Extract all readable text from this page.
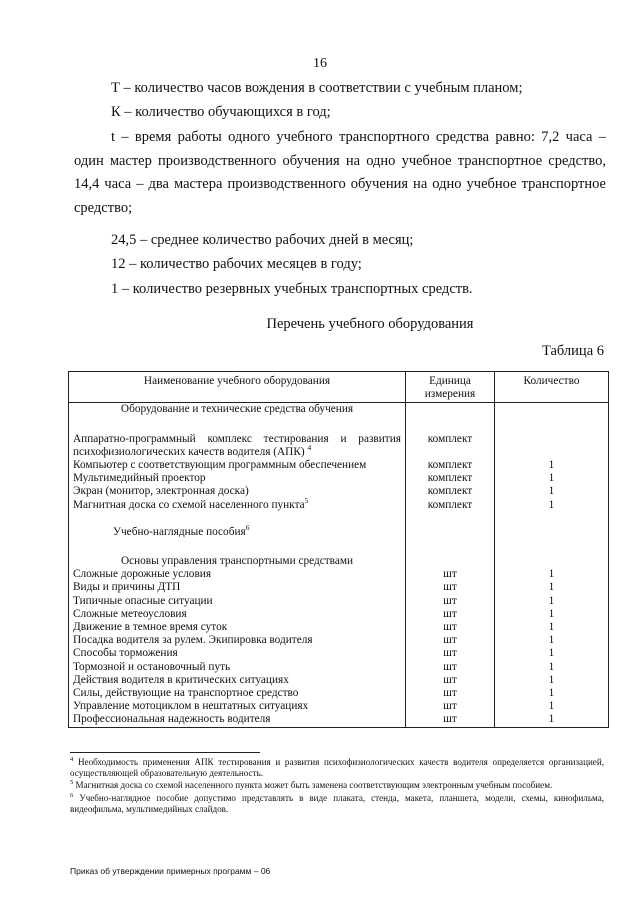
16
Т – количество часов вождения в соответствии с учебным планом;
К – количество обучающихся в год;
t – время работы одного учебного транспортного средства равно: 7,2 часа – один мастер производственного обучения на одно учебное транспортное средство, 14,4 часа – два мастера производственного обучения на одно учебное транспортное средство;
24,5 – среднее количество рабочих дней в месяц;
12 – количество рабочих месяцев в году;
1 – количество резервных учебных транспортных средств.
Перечень учебного оборудования
Таблица 6
Наименование учебного оборудования	Единица измерения	Количество
Оборудование и технические средства обучения		

Аппаратно-программный комплекс тестирования и развития психофизиологических качеств водителя (АПК) $^4$	комплект	
Компьютер с соответствующим программным обеспечением	комплект	1
Мультимедийный проектор	комплект	1
Экран (монитор, электронная доска)	комплект	1
Магнитная доска со схемой населенного пункта$^5$	комплект	1

Учебно-наглядные пособия$^6$		

Основы управления транспортными средствами		
Сложные дорожные условия	шт	1
Виды и причины ДТП	шт	1
Типичные опасные ситуации	шт	1
Сложные метеоусловия	шт	1
Движение в темное время суток	шт	1
Посадка водителя за рулем. Экипировка водителя	шт	1
Способы торможения	шт	1
Тормозной и остановочный путь	шт	1
Действия водителя в критических ситуациях	шт	1
Силы, действующие на транспортное средство	шт	1
Управление мотоциклом в нештатных ситуациях	шт	1
Профессиональная надежность водителя	шт	1

$^4$ Необходимость применения АПК тестирования и развития психофизиологических качеств водителя определяется организацией, осуществляющей образовательную деятельность.

$^5$ Магнитная доска со схемой населенного пункта может быть заменена соответствующим электронным учебным пособием.

$^6$ Учебно-наглядное пособие допустимо представлять в виде плаката, стенда, макета, планшета, модели, схемы, кинофильма, видеофильма, мультимедийных слайдов.

Приказ об утверждении примерных программ – 06
